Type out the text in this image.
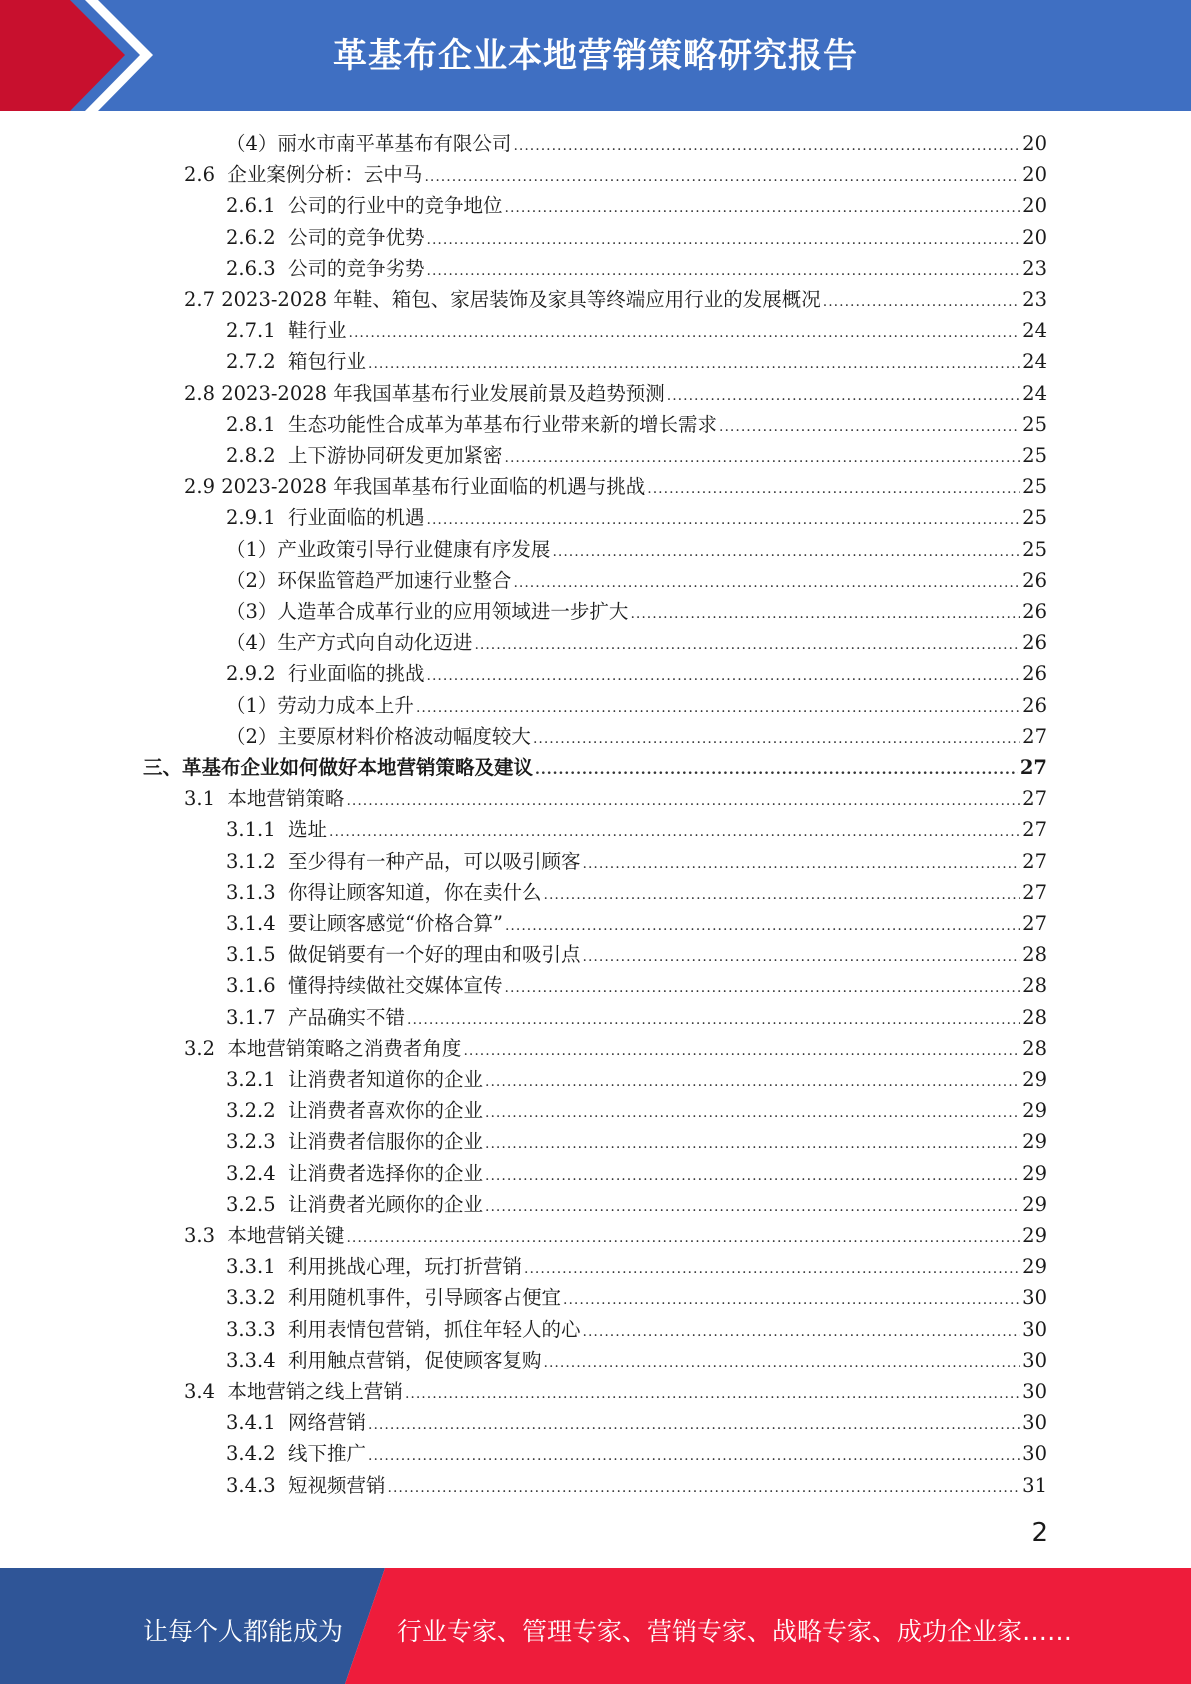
革基布企业本地营销策略研究报告
（4） 丽水市南平革基布有限公司 .....	20
2.6 企业案例分析：云中马 .....	20
2.6.1 公司的行业中的竞争地位 .....	20
2.6.2 公司的竞争优势 .....	20
2.6.3 公司的竞争劣势 .....	23
2.7 2023-2028 年鞋、箱包、家居装饰及家具等终端应用行业的发展概况 .....	23
2.7.1 鞋行业 .....	24
2.7.2 箱包行业 .....	24
2.8 2023-2028 年我国革基布行业发展前景及趋势预测 .....	24
2.8.1 生态功能性合成革为革基布行业带来新的增长需求 .....	25
2.8.2 上下游协同研发更加紧密 .....	25
2.9 2023-2028 年我国革基布行业面临的机遇与挑战 .....	25
2.9.1 行业面临的机遇 .....	25
（1） 产业政策引导行业健康有序发展 .....	25
（2） 环保监管趋严加速行业整合 .....	26
（3） 人造革合成革行业的应用领域进一步扩大 .....	26
（4） 生产方式向自动化迈进 .....	26
2.9.2 行业面临的挑战 .....	26
（1） 劳动力成本上升 .....	26
（2） 主要原材料价格波动幅度较大 .....	27
三、 革基布企业如何做好本地营销策略及建议 .....	27
3.1 本地营销策略 .....	27
3.1.1 选址 .....	27
3.1.2 至少得有一种产品，可以吸引顾客 .....	27
3.1.3 你得让顾客知道，你在卖什么 .....	27
3.1.4 要让顾客感觉“价格合算” .....	27
3.1.5 做促销要有一个好的理由和吸引点 .....	28
3.1.6 懂得持续做社交媒体宣传 .....	28
3.1.7 产品确实不错 .....	28
3.2 本地营销策略之消费者角度 .....	28
3.2.1 让消费者知道你的企业 .....	29
3.2.2 让消费者喜欢你的企业 .....	29
3.2.3 让消费者信服你的企业 .....	29
3.2.4 让消费者选择你的企业 .....	29
3.2.5 让消费者光顾你的企业 .....	29
3.3 本地营销关键 .....	29
3.3.1 利用挑战心理，玩打折营销 .....	29
3.3.2 利用随机事件，引导顾客占便宜 .....	30
3.3.3 利用表情包营销，抓住年轻人的心 .....	30
3.3.4 利用触点营销，促使顾客复购 .....	30
3.4 本地营销之线上营销 .....	30
3.4.1 网络营销 .....	30
3.4.2 线下推广 .....	30
3.4.3 短视频营销 .....	31
2
让每个人都能成为 行业专家、管理专家、营销专家、战略专家、成功企业家……
